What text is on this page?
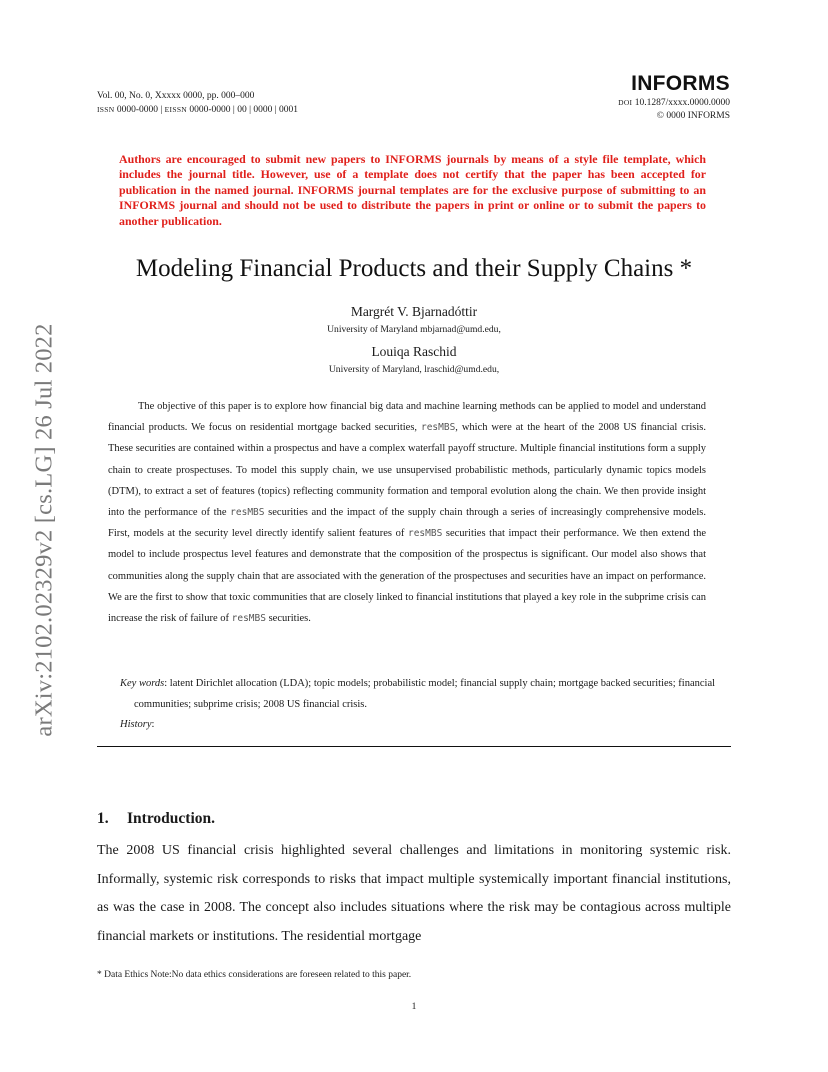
arXiv:2102.02329v2 [cs.LG] 26 Jul 2022
Vol. 00, No. 0, Xxxxx 0000, pp. 000–000
ISSN 0000-0000 | EISSN 0000-0000 | 00 | 0000 | 0001
INFORMS
DOI 10.1287/xxxx.0000.0000
© 0000 INFORMS
Authors are encouraged to submit new papers to INFORMS journals by means of a style file template, which includes the journal title. However, use of a template does not certify that the paper has been accepted for publication in the named journal. INFORMS journal templates are for the exclusive purpose of submitting to an INFORMS journal and should not be used to distribute the papers in print or online or to submit the papers to another publication.
Modeling Financial Products and their Supply Chains *
Margrét V. Bjarnadóttir
University of Maryland mbjarnad@umd.edu,
Louiqa Raschid
University of Maryland, lraschid@umd.edu,

The objective of this paper is to explore how financial big data and machine learning methods can be applied to model and understand financial products. We focus on residential mortgage backed securities, resMBS, which were at the heart of the 2008 US financial crisis. These securities are contained within a prospectus and have a complex waterfall payoff structure. Multiple financial institutions form a supply chain to create prospectuses. To model this supply chain, we use unsupervised probabilistic methods, particularly dynamic topics models (DTM), to extract a set of features (topics) reflecting community formation and temporal evolution along the chain. We then provide insight into the performance of the resMBS securities and the impact of the supply chain through a series of increasingly comprehensive models. First, models at the security level directly identify salient features of resMBS securities that impact their performance. We then extend the model to include prospectus level features and demonstrate that the composition of the prospectus is significant. Our model also shows that communities along the supply chain that are associated with the generation of the prospectuses and securities have an impact on performance. We are the first to show that toxic communities that are closely linked to financial institutions that played a key role in the subprime crisis can increase the risk of failure of resMBS securities.

Key words: latent Dirichlet allocation (LDA); topic models; probabilistic model; financial supply chain; mortgage backed securities; financial communities; subprime crisis; 2008 US financial crisis.

History:
1. Introduction.

The 2008 US financial crisis highlighted several challenges and limitations in monitoring systemic risk. Informally, systemic risk corresponds to risks that impact multiple systemically important financial institutions, as was the case in 2008. The concept also includes situations where the risk may be contagious across multiple financial markets or institutions. The residential mortgage

* Data Ethics Note:No data ethics considerations are foreseen related to this paper.
1
